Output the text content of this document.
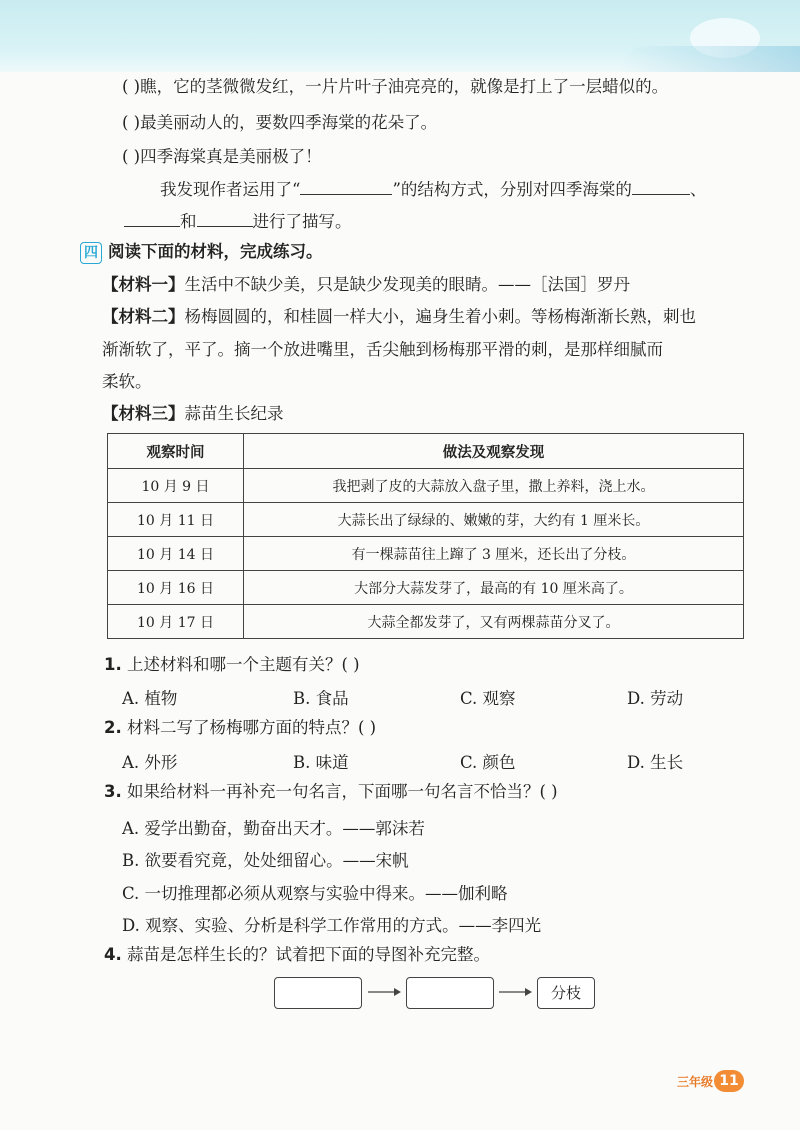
( )瞧，它的茎微微发红，一片片叶子油亮亮的，就像是打上了一层蜡似的。
( )最美丽动人的，要数四季海棠的花朵了。
( )四季海棠真是美丽极了！
我发现作者运用了“	”的结构方式，分别对四季海棠的	、
和	进行了描写。
四 阅读下面的材料，完成练习。
【材料一】生活中不缺少美，只是缺少发现美的眼睛。——［法国］罗丹
【材料二】杨梅圆圆的，和桂圆一样大小，遍身生着小刺。等杨梅渐渐长熟，刺也
渐渐软了，平了。摘一个放进嘴里，舌尖触到杨梅那平滑的刺，是那样细腻而
柔软。
【材料三】蒜苗生长纪录
观察时间	做法及观察发现
10 月 9 日	我把剥了皮的大蒜放入盘子里，撒上养料，浇上水。
10 月 11 日	大蒜长出了绿绿的、嫩嫩的芽，大约有 1 厘米长。
10 月 14 日	有一棵蒜苗往上蹿了 3 厘米，还长出了分枝。
10 月 16 日	大部分大蒜发芽了，最高的有 10 厘米高了。
10 月 17 日	大蒜全都发芽了，又有两棵蒜苗分叉了。
1. 上述材料和哪一个主题有关？( )
A. 植物	B. 食品	C. 观察	D. 劳动
2. 材料二写了杨梅哪方面的特点？( )
A. 外形	B. 味道	C. 颜色	D. 生长
3. 如果给材料一再补充一句名言，下面哪一句名言不恰当？( )
A. 爱学出勤奋，勤奋出天才。——郭沫若
B. 欲要看究竟，处处细留心。——宋帆
C. 一切推理都必须从观察与实验中得来。——伽利略
D. 观察、实验、分析是科学工作常用的方式。——李四光
4. 蒜苗是怎样生长的？试着把下面的导图补充完整。
分枝
三年级 11
